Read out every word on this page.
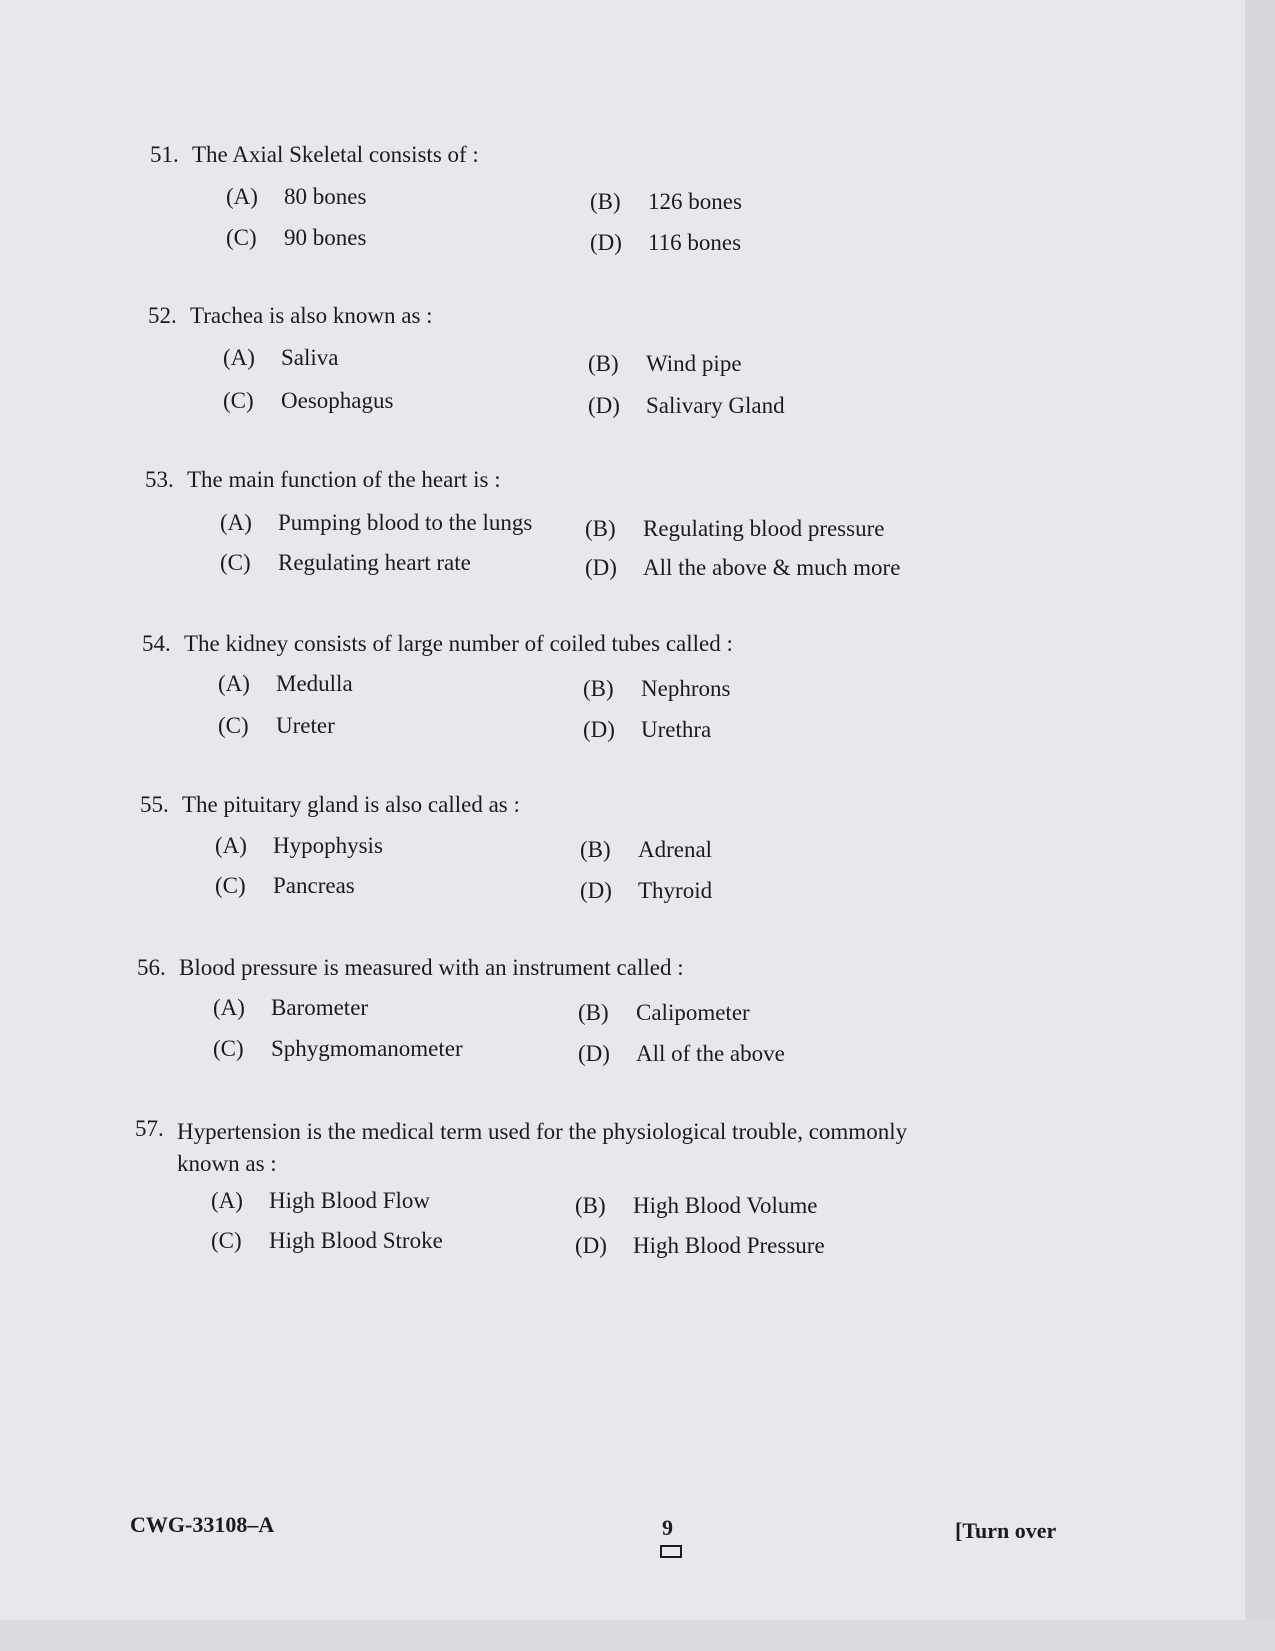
51. The Axial Skeletal consists of :
(A) 80 bones	(B) 126 bones
(C) 90 bones	(D) 116 bones
52. Trachea is also known as :
(A) Saliva	(B) Wind pipe
(C) Oesophagus	(D) Salivary Gland
53. The main function of the heart is :
(A) Pumping blood to the lungs (B) Regulating blood pressure
(C) Regulating heart rate	(D) All the above & much more
54. The kidney consists of large number of coiled tubes called :
(A) Medulla	(B) Nephrons
(C) Ureter	(D) Urethra
55. The pituitary gland is also called as :
(A) Hypophysis	(B) Adrenal
(C) Pancreas	(D) Thyroid
56. Blood pressure is measured with an instrument called :
(A) Barometer	(B) Calipometer
(C) Sphygmomanometer	(D) All of the above
57. Hypertension is the medical term used for the physiological trouble, commonly known as :
(A) High Blood Flow	(B) High Blood Volume
(C) High Blood Stroke	(D) High Blood Pressure
CWG-33108–A	9	[Turn over
